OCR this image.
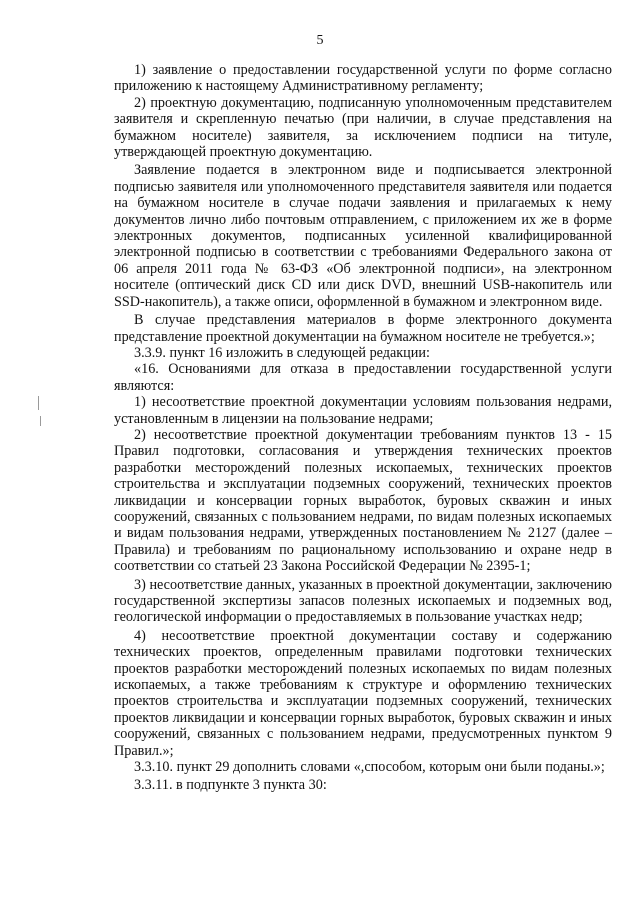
5

1) заявление о предоставлении государственной услуги по форме согласно приложению к настоящему Административному регламенту;

2) проектную документацию, подписанную уполномоченным представителем заявителя и скрепленную печатью (при наличии, в случае представления на бумажном носителе) заявителя, за исключением подписи на титуле, утверждающей проектную документацию.

Заявление подается в электронном виде и подписывается электронной подписью заявителя или уполномоченного представителя заявителя или подается на бумажном носителе в случае подачи заявления и прилагаемых к нему документов лично либо почтовым отправлением, с приложением их же в форме электронных документов, подписанных усиленной квалифицированной электронной подписью в соответствии с требованиями Федерального закона от 06 апреля 2011 года № 63-ФЗ «Об электронной подписи», на электронном носителе (оптический диск CD или диск DVD, внешний USB-накопитель или SSD-накопитель), а также описи, оформленной в бумажном и электронном виде.

В случае представления материалов в форме электронного документа представление проектной документации на бумажном носителе не требуется.»;

3.3.9. пункт 16 изложить в следующей редакции:

«16. Основаниями для отказа в предоставлении государственной услуги являются:

1) несоответствие проектной документации условиям пользования недрами, установленным в лицензии на пользование недрами;

2) несоответствие проектной документации требованиям пунктов 13 - 15 Правил подготовки, согласования и утверждения технических проектов разработки месторождений полезных ископаемых, технических проектов строительства и эксплуатации подземных сооружений, технических проектов ликвидации и консервации горных выработок, буровых скважин и иных сооружений, связанных с пользованием недрами, по видам полезных ископаемых и видам пользования недрами, утвержденных постановлением № 2127 (далее – Правила) и требованиям по рациональному использованию и охране недр в соответствии со статьей 23 Закона Российской Федерации № 2395-1;

3) несоответствие данных, указанных в проектной документации, заключению государственной экспертизы запасов полезных ископаемых и подземных вод, геологической информации о предоставляемых в пользование участках недр;

4) несоответствие проектной документации составу и содержанию технических проектов, определенным правилами подготовки технических проектов разработки месторождений полезных ископаемых по видам полезных ископаемых, а также требованиям к структуре и оформлению технических проектов строительства и эксплуатации подземных сооружений, технических проектов ликвидации и консервации горных выработок, буровых скважин и иных сооружений, связанных с пользованием недрами, предусмотренных пунктом 9 Правил.»;

3.3.10. пункт 29 дополнить словами «,способом, которым они были поданы.»;

3.3.11. в подпункте 3 пункта 30:
